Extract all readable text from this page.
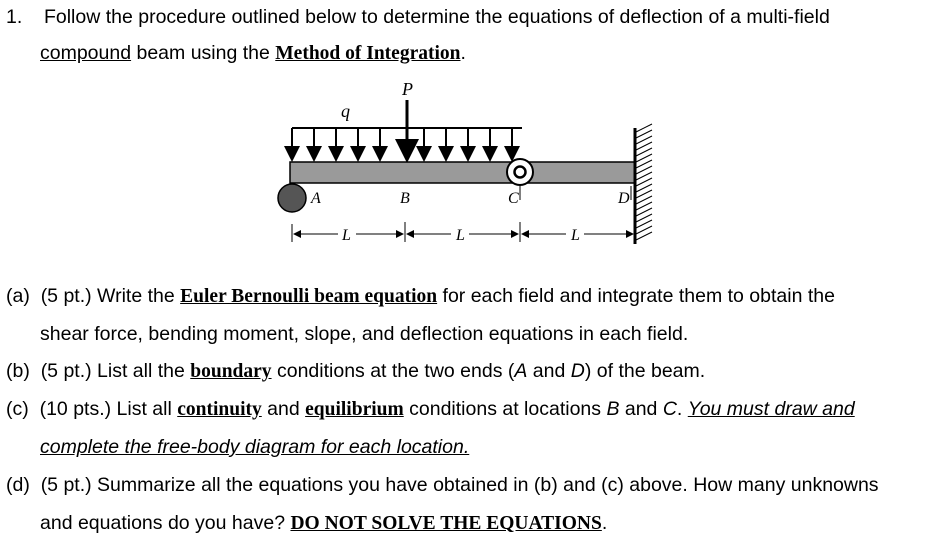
1. Follow the procedure outlined below to determine the equations of deflection of a multi-field
compound beam using the Method of Integration.
P
q
A	B	C	D
L	L	L
(a) (5 pt.) Write the Euler Bernoulli beam equation for each field and integrate them to obtain the
shear force, bending moment, slope, and deflection equations in each field.
(b) (5 pt.) List all the boundary conditions at the two ends (A and D) of the beam.
(c) (10 pts.) List all continuity and equilibrium conditions at locations B and C. You must draw and
complete the free-body diagram for each location.
(d) (5 pt.) Summarize all the equations you have obtained in (b) and (c) above. How many unknowns
and equations do you have? DO NOT SOLVE THE EQUATIONS.
